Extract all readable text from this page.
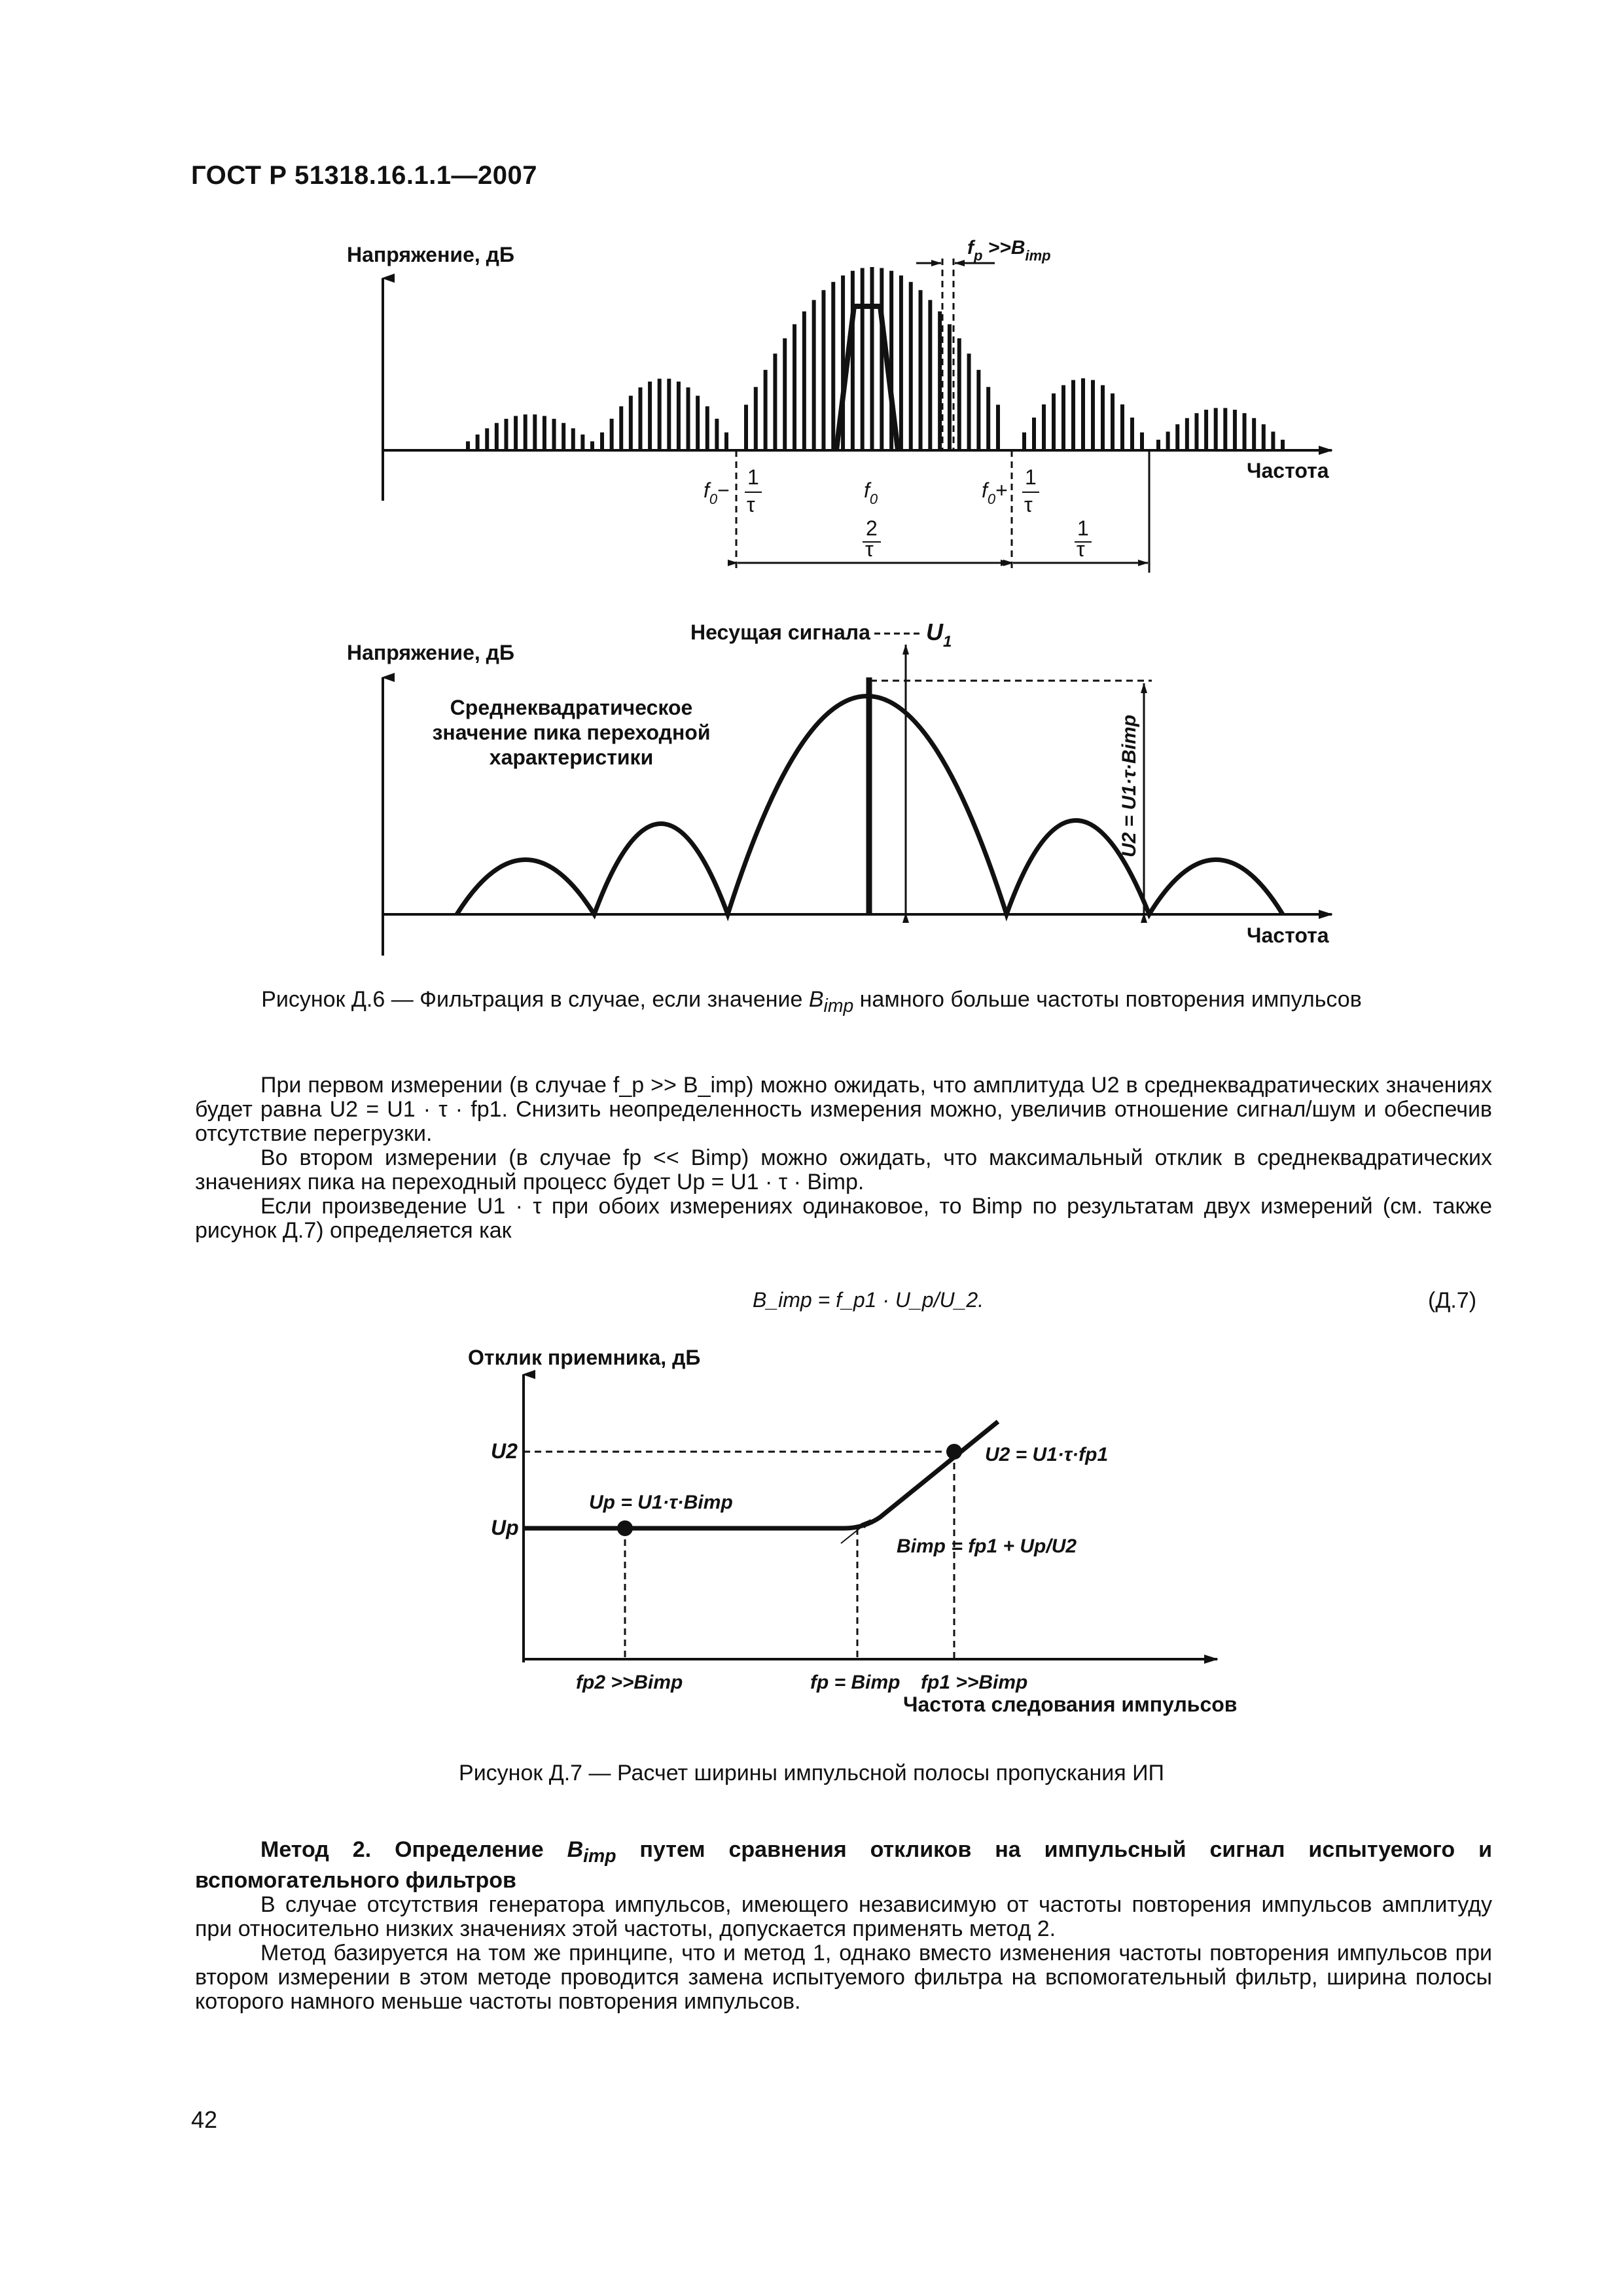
ГОСТ Р 51318.16.1.1—2007
Напряжение, дБ
Частота
$f_p >>B_{imp}$
$f_0-$
1
τ
$f_0$	$f_0+$
1
τ
2
τ
1
τ
Напряжение, дБ
Частота
Несущая сигнала $U_1$
Среднеквадратическое
значение пика переходной
характеристики	U2 = U1·τ·Bimp
Отклик приемника, дБ
Частота следования импульсов
U2
Up
Up = U1·τ·Bimp
U2 = U1·τ·fp1
Bimp = fp1 + Up/U2
fp2 >>Bimp	fp = Bimp fp1 >>Bimp
Рисунок Д.6 — Фильтрация в случае, если значение $B_{imp}$ намного больше частоты повторения импульсов

При первом измерении (в случае f_p >> B_imp) можно ожидать, что амплитуда U2 в среднеквадратических значениях будет равна U2 = U1 · τ · fp1. Снизить неопределенность измерения можно, увеличив отношение сигнал/шум и обеспечив отсутствие перегрузки.

Во втором измерении (в случае fp << Bimp) можно ожидать, что максимальный отклик в среднеквадратических значениях пика на переходный процесс будет Up = U1 · τ · Bimp.

Если произведение U1 · τ при обоих измерениях одинаковое, то Bimp по результатам двух измерений (см. также рисунок Д.7) определяется как

B_imp = f_p1 · U_p/U_2.	(Д.7)
Рисунок Д.7 — Расчет ширины импульсной полосы пропускания ИП

Метод 2. Определение $B_{imp}$ путем сравнения откликов на импульсный сигнал испытуемого и вспомогательного фильтров

В случае отсутствия генератора импульсов, имеющего независимую от частоты повторения импульсов амплитуду при относительно низких значениях этой частоты, допускается применять метод 2.

Метод базируется на том же принципе, что и метод 1, однако вместо изменения частоты повторения импульсов при втором измерении в этом методе проводится замена испытуемого фильтра на вспомогательный фильтр, ширина полосы которого намного меньше частоты повторения импульсов.

42
